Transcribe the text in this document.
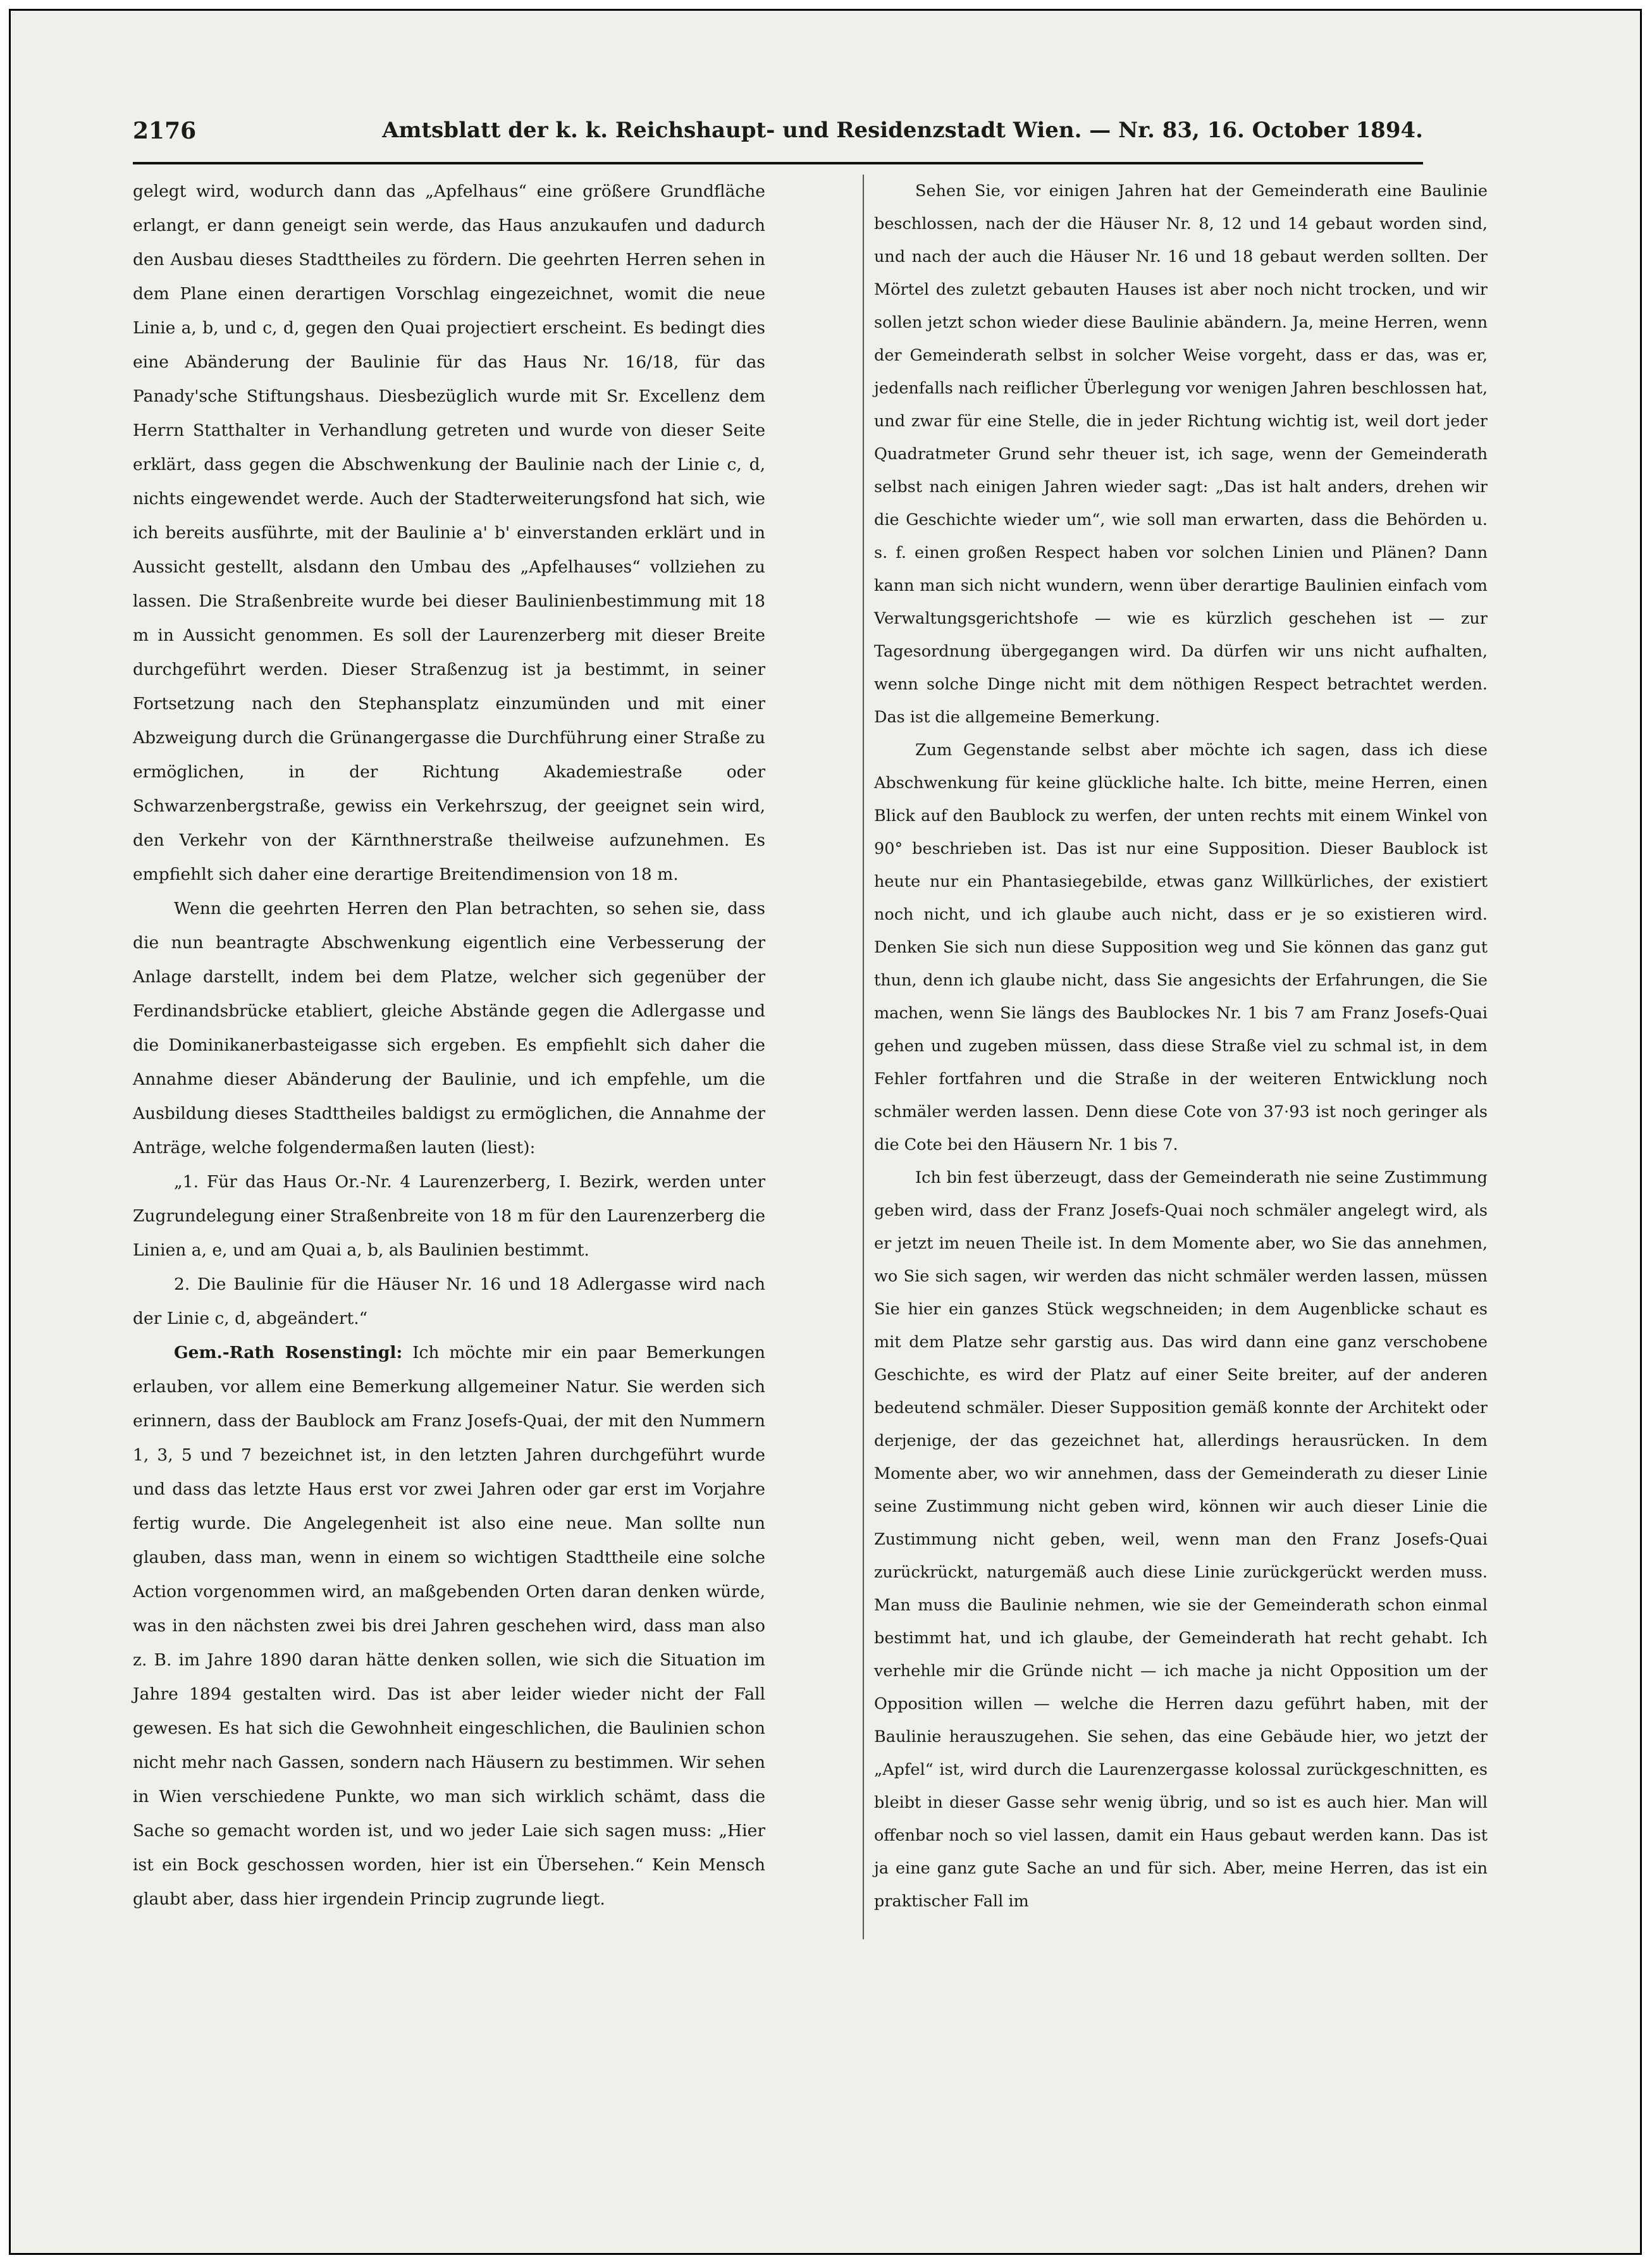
2176	Amtsblatt der k. k. Reichshaupt- und Residenzstadt Wien. — Nr. 83, 16. October 1894.

gelegt wird, wodurch dann das „Apfelhaus“ eine größere Grundfläche erlangt, er dann geneigt sein werde, das Haus anzukaufen und dadurch den Ausbau dieses Stadttheiles zu fördern. Die geehrten Herren sehen in dem Plane einen derartigen Vorschlag eingezeichnet, womit die neue Linie a, b, und c, d, gegen den Quai projectiert erscheint. Es bedingt dies eine Abänderung der Baulinie für das Haus Nr. 16/18, für das Panady'sche Stiftungshaus. Diesbezüglich wurde mit Sr. Excellenz dem Herrn Statthalter in Verhandlung getreten und wurde von dieser Seite erklärt, dass gegen die Abschwenkung der Baulinie nach der Linie c, d, nichts eingewendet werde. Auch der Stadterweiterungsfond hat sich, wie ich bereits ausführte, mit der Baulinie a' b' einverstanden erklärt und in Aussicht gestellt, alsdann den Umbau des „Apfelhauses“ vollziehen zu lassen. Die Straßenbreite wurde bei dieser Baulinienbestimmung mit 18 m in Aussicht genommen. Es soll der Laurenzerberg mit dieser Breite durchgeführt werden. Dieser Straßenzug ist ja bestimmt, in seiner Fortsetzung nach den Stephansplatz einzumünden und mit einer Abzweigung durch die Grünangergasse die Durchführung einer Straße zu ermöglichen, in der Richtung Akademiestraße oder Schwarzenbergstraße, gewiss ein Verkehrszug, der geeignet sein wird, den Verkehr von der Kärnthnerstraße theilweise aufzunehmen. Es empfiehlt sich daher eine derartige Breitendimension von 18 m.

Wenn die geehrten Herren den Plan betrachten, so sehen sie, dass die nun beantragte Abschwenkung eigentlich eine Verbesserung der Anlage darstellt, indem bei dem Platze, welcher sich gegenüber der Ferdinandsbrücke etabliert, gleiche Abstände gegen die Adlergasse und die Dominikanerbasteigasse sich ergeben. Es empfiehlt sich daher die Annahme dieser Abänderung der Baulinie, und ich empfehle, um die Ausbildung dieses Stadttheiles baldigst zu ermöglichen, die Annahme der Anträge, welche folgendermaßen lauten (liest):

„1. Für das Haus Or.-Nr. 4 Laurenzerberg, I. Bezirk, werden unter Zugrundelegung einer Straßenbreite von 18 m für den Laurenzerberg die Linien a, e, und am Quai a, b, als Baulinien bestimmt.

2. Die Baulinie für die Häuser Nr. 16 und 18 Adlergasse wird nach der Linie c, d, abgeändert.“

Gem.-Rath Rosenstingl: Ich möchte mir ein paar Bemerkungen erlauben, vor allem eine Bemerkung allgemeiner Natur. Sie werden sich erinnern, dass der Baublock am Franz Josefs-Quai, der mit den Nummern 1, 3, 5 und 7 bezeichnet ist, in den letzten Jahren durchgeführt wurde und dass das letzte Haus erst vor zwei Jahren oder gar erst im Vorjahre fertig wurde. Die Angelegenheit ist also eine neue. Man sollte nun glauben, dass man, wenn in einem so wichtigen Stadttheile eine solche Action vorgenommen wird, an maßgebenden Orten daran denken würde, was in den nächsten zwei bis drei Jahren geschehen wird, dass man also z. B. im Jahre 1890 daran hätte denken sollen, wie sich die Situation im Jahre 1894 gestalten wird. Das ist aber leider wieder nicht der Fall gewesen. Es hat sich die Gewohnheit eingeschlichen, die Baulinien schon nicht mehr nach Gassen, sondern nach Häusern zu bestimmen. Wir sehen in Wien verschiedene Punkte, wo man sich wirklich schämt, dass die Sache so gemacht worden ist, und wo jeder Laie sich sagen muss: „Hier ist ein Bock geschossen worden, hier ist ein Übersehen.“ Kein Mensch glaubt aber, dass hier irgendein Princip zugrunde liegt.

Sehen Sie, vor einigen Jahren hat der Gemeinderath eine Baulinie beschlossen, nach der die Häuser Nr. 8, 12 und 14 gebaut worden sind, und nach der auch die Häuser Nr. 16 und 18 gebaut werden sollten. Der Mörtel des zuletzt gebauten Hauses ist aber noch nicht trocken, und wir sollen jetzt schon wieder diese Baulinie abändern. Ja, meine Herren, wenn der Gemeinderath selbst in solcher Weise vorgeht, dass er das, was er, jedenfalls nach reiflicher Überlegung vor wenigen Jahren beschlossen hat, und zwar für eine Stelle, die in jeder Richtung wichtig ist, weil dort jeder Quadratmeter Grund sehr theuer ist, ich sage, wenn der Gemeinderath selbst nach einigen Jahren wieder sagt: „Das ist halt anders, drehen wir die Geschichte wieder um“, wie soll man erwarten, dass die Behörden u. s. f. einen großen Respect haben vor solchen Linien und Plänen? Dann kann man sich nicht wundern, wenn über derartige Baulinien einfach vom Verwaltungsgerichtshofe — wie es kürzlich geschehen ist — zur Tagesordnung übergegangen wird. Da dürfen wir uns nicht aufhalten, wenn solche Dinge nicht mit dem nöthigen Respect betrachtet werden. Das ist die allgemeine Bemerkung.

Zum Gegenstande selbst aber möchte ich sagen, dass ich diese Abschwenkung für keine glückliche halte. Ich bitte, meine Herren, einen Blick auf den Baublock zu werfen, der unten rechts mit einem Winkel von 90° beschrieben ist. Das ist nur eine Supposition. Dieser Baublock ist heute nur ein Phantasiegebilde, etwas ganz Willkürliches, der existiert noch nicht, und ich glaube auch nicht, dass er je so existieren wird. Denken Sie sich nun diese Supposition weg und Sie können das ganz gut thun, denn ich glaube nicht, dass Sie angesichts der Erfahrungen, die Sie machen, wenn Sie längs des Baublockes Nr. 1 bis 7 am Franz Josefs-Quai gehen und zugeben müssen, dass diese Straße viel zu schmal ist, in dem Fehler fortfahren und die Straße in der weiteren Entwicklung noch schmäler werden lassen. Denn diese Cote von 37·93 ist noch geringer als die Cote bei den Häusern Nr. 1 bis 7.

Ich bin fest überzeugt, dass der Gemeinderath nie seine Zustimmung geben wird, dass der Franz Josefs-Quai noch schmäler angelegt wird, als er jetzt im neuen Theile ist. In dem Momente aber, wo Sie das annehmen, wo Sie sich sagen, wir werden das nicht schmäler werden lassen, müssen Sie hier ein ganzes Stück wegschneiden; in dem Augenblicke schaut es mit dem Platze sehr garstig aus. Das wird dann eine ganz verschobene Geschichte, es wird der Platz auf einer Seite breiter, auf der anderen bedeutend schmäler. Dieser Supposition gemäß konnte der Architekt oder derjenige, der das gezeichnet hat, allerdings herausrücken. In dem Momente aber, wo wir annehmen, dass der Gemeinderath zu dieser Linie seine Zustimmung nicht geben wird, können wir auch dieser Linie die Zustimmung nicht geben, weil, wenn man den Franz Josefs-Quai zurückrückt, naturgemäß auch diese Linie zurückgerückt werden muss. Man muss die Baulinie nehmen, wie sie der Gemeinderath schon einmal bestimmt hat, und ich glaube, der Gemeinderath hat recht gehabt. Ich verhehle mir die Gründe nicht — ich mache ja nicht Opposition um der Opposition willen — welche die Herren dazu geführt haben, mit der Baulinie herauszugehen. Sie sehen, das eine Gebäude hier, wo jetzt der „Apfel“ ist, wird durch die Laurenzergasse kolossal zurückgeschnitten, es bleibt in dieser Gasse sehr wenig übrig, und so ist es auch hier. Man will offenbar noch so viel lassen, damit ein Haus gebaut werden kann. Das ist ja eine ganz gute Sache an und für sich. Aber, meine Herren, das ist ein praktischer Fall im
